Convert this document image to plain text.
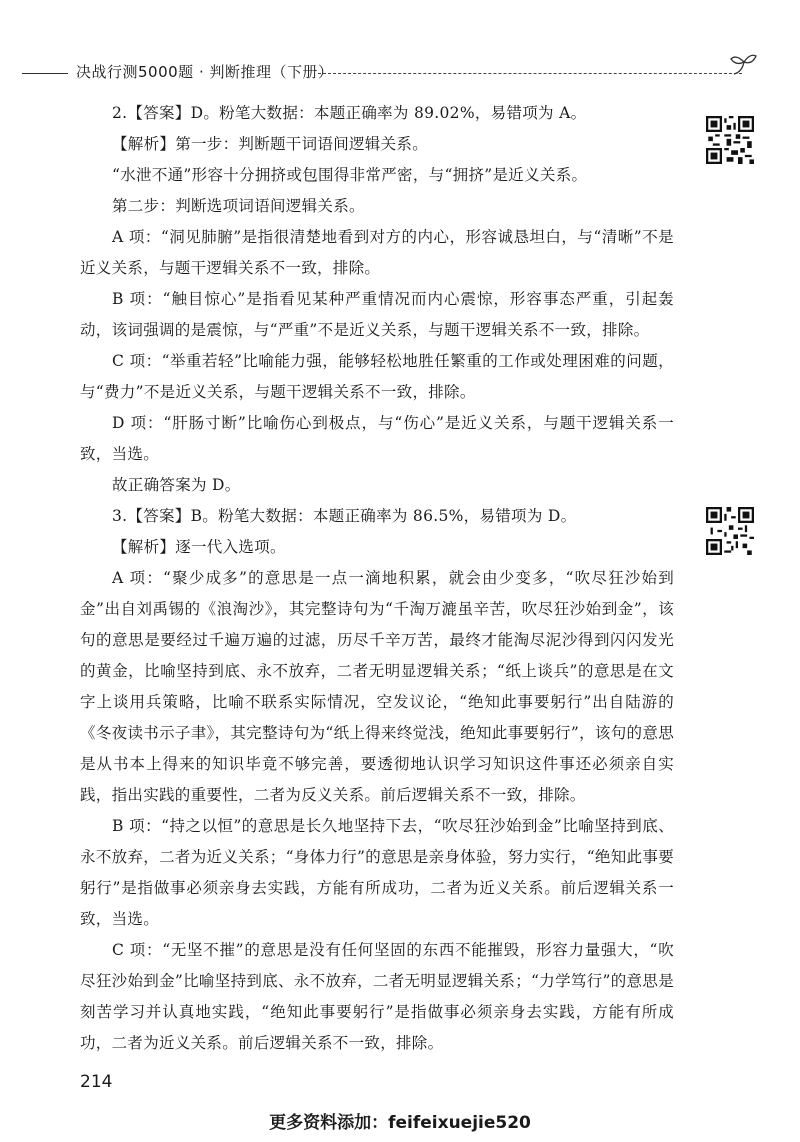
决战行测5000题 · 判断推理（下册）

2.【答案】D。粉笔大数据：本题正确率为 89.02%，易错项为 A。

【解析】第一步：判断题干词语间逻辑关系。

“水泄不通”形容十分拥挤或包围得非常严密，与“拥挤”是近义关系。

第二步：判断选项词语间逻辑关系。

A 项：“洞见肺腑”是指很清楚地看到对方的内心，形容诚恳坦白，与“清晰”不是近义关系，与题干逻辑关系不一致，排除。

B 项：“触目惊心”是指看见某种严重情况而内心震惊，形容事态严重，引起轰动，该词强调的是震惊，与“严重”不是近义关系，与题干逻辑关系不一致，排除。

C 项：“举重若轻”比喻能力强，能够轻松地胜任繁重的工作或处理困难的问题，与“费力”不是近义关系，与题干逻辑关系不一致，排除。

D 项：“肝肠寸断”比喻伤心到极点，与“伤心”是近义关系，与题干逻辑关系一致，当选。

故正确答案为 D。

3.【答案】B。粉笔大数据：本题正确率为 86.5%，易错项为 D。

【解析】逐一代入选项。

A 项：“聚少成多”的意思是一点一滴地积累，就会由少变多，“吹尽狂沙始到金”出自刘禹锡的《浪淘沙》，其完整诗句为“千淘万漉虽辛苦，吹尽狂沙始到金”，该句的意思是要经过千遍万遍的过滤，历尽千辛万苦，最终才能淘尽泥沙得到闪闪发光的黄金，比喻坚持到底、永不放弃，二者无明显逻辑关系；“纸上谈兵”的意思是在文字上谈用兵策略，比喻不联系实际情况，空发议论，“绝知此事要躬行”出自陆游的《冬夜读书示子聿》，其完整诗句为“纸上得来终觉浅，绝知此事要躬行”，该句的意思是从书本上得来的知识毕竟不够完善，要透彻地认识学习知识这件事还必须亲自实践，指出实践的重要性，二者为反义关系。前后逻辑关系不一致，排除。

B 项：“持之以恒”的意思是长久地坚持下去，“吹尽狂沙始到金”比喻坚持到底、永不放弃，二者为近义关系；“身体力行”的意思是亲身体验，努力实行，“绝知此事要躬行”是指做事必须亲身去实践，方能有所成功，二者为近义关系。前后逻辑关系一致，当选。

C 项：“无坚不摧”的意思是没有任何坚固的东西不能摧毁，形容力量强大，“吹尽狂沙始到金”比喻坚持到底、永不放弃，二者无明显逻辑关系；“力学笃行”的意思是刻苦学习并认真地实践，“绝知此事要躬行”是指做事必须亲身去实践，方能有所成功，二者为近义关系。前后逻辑关系不一致，排除。

214
更多资料添加：feifeixuejie520
